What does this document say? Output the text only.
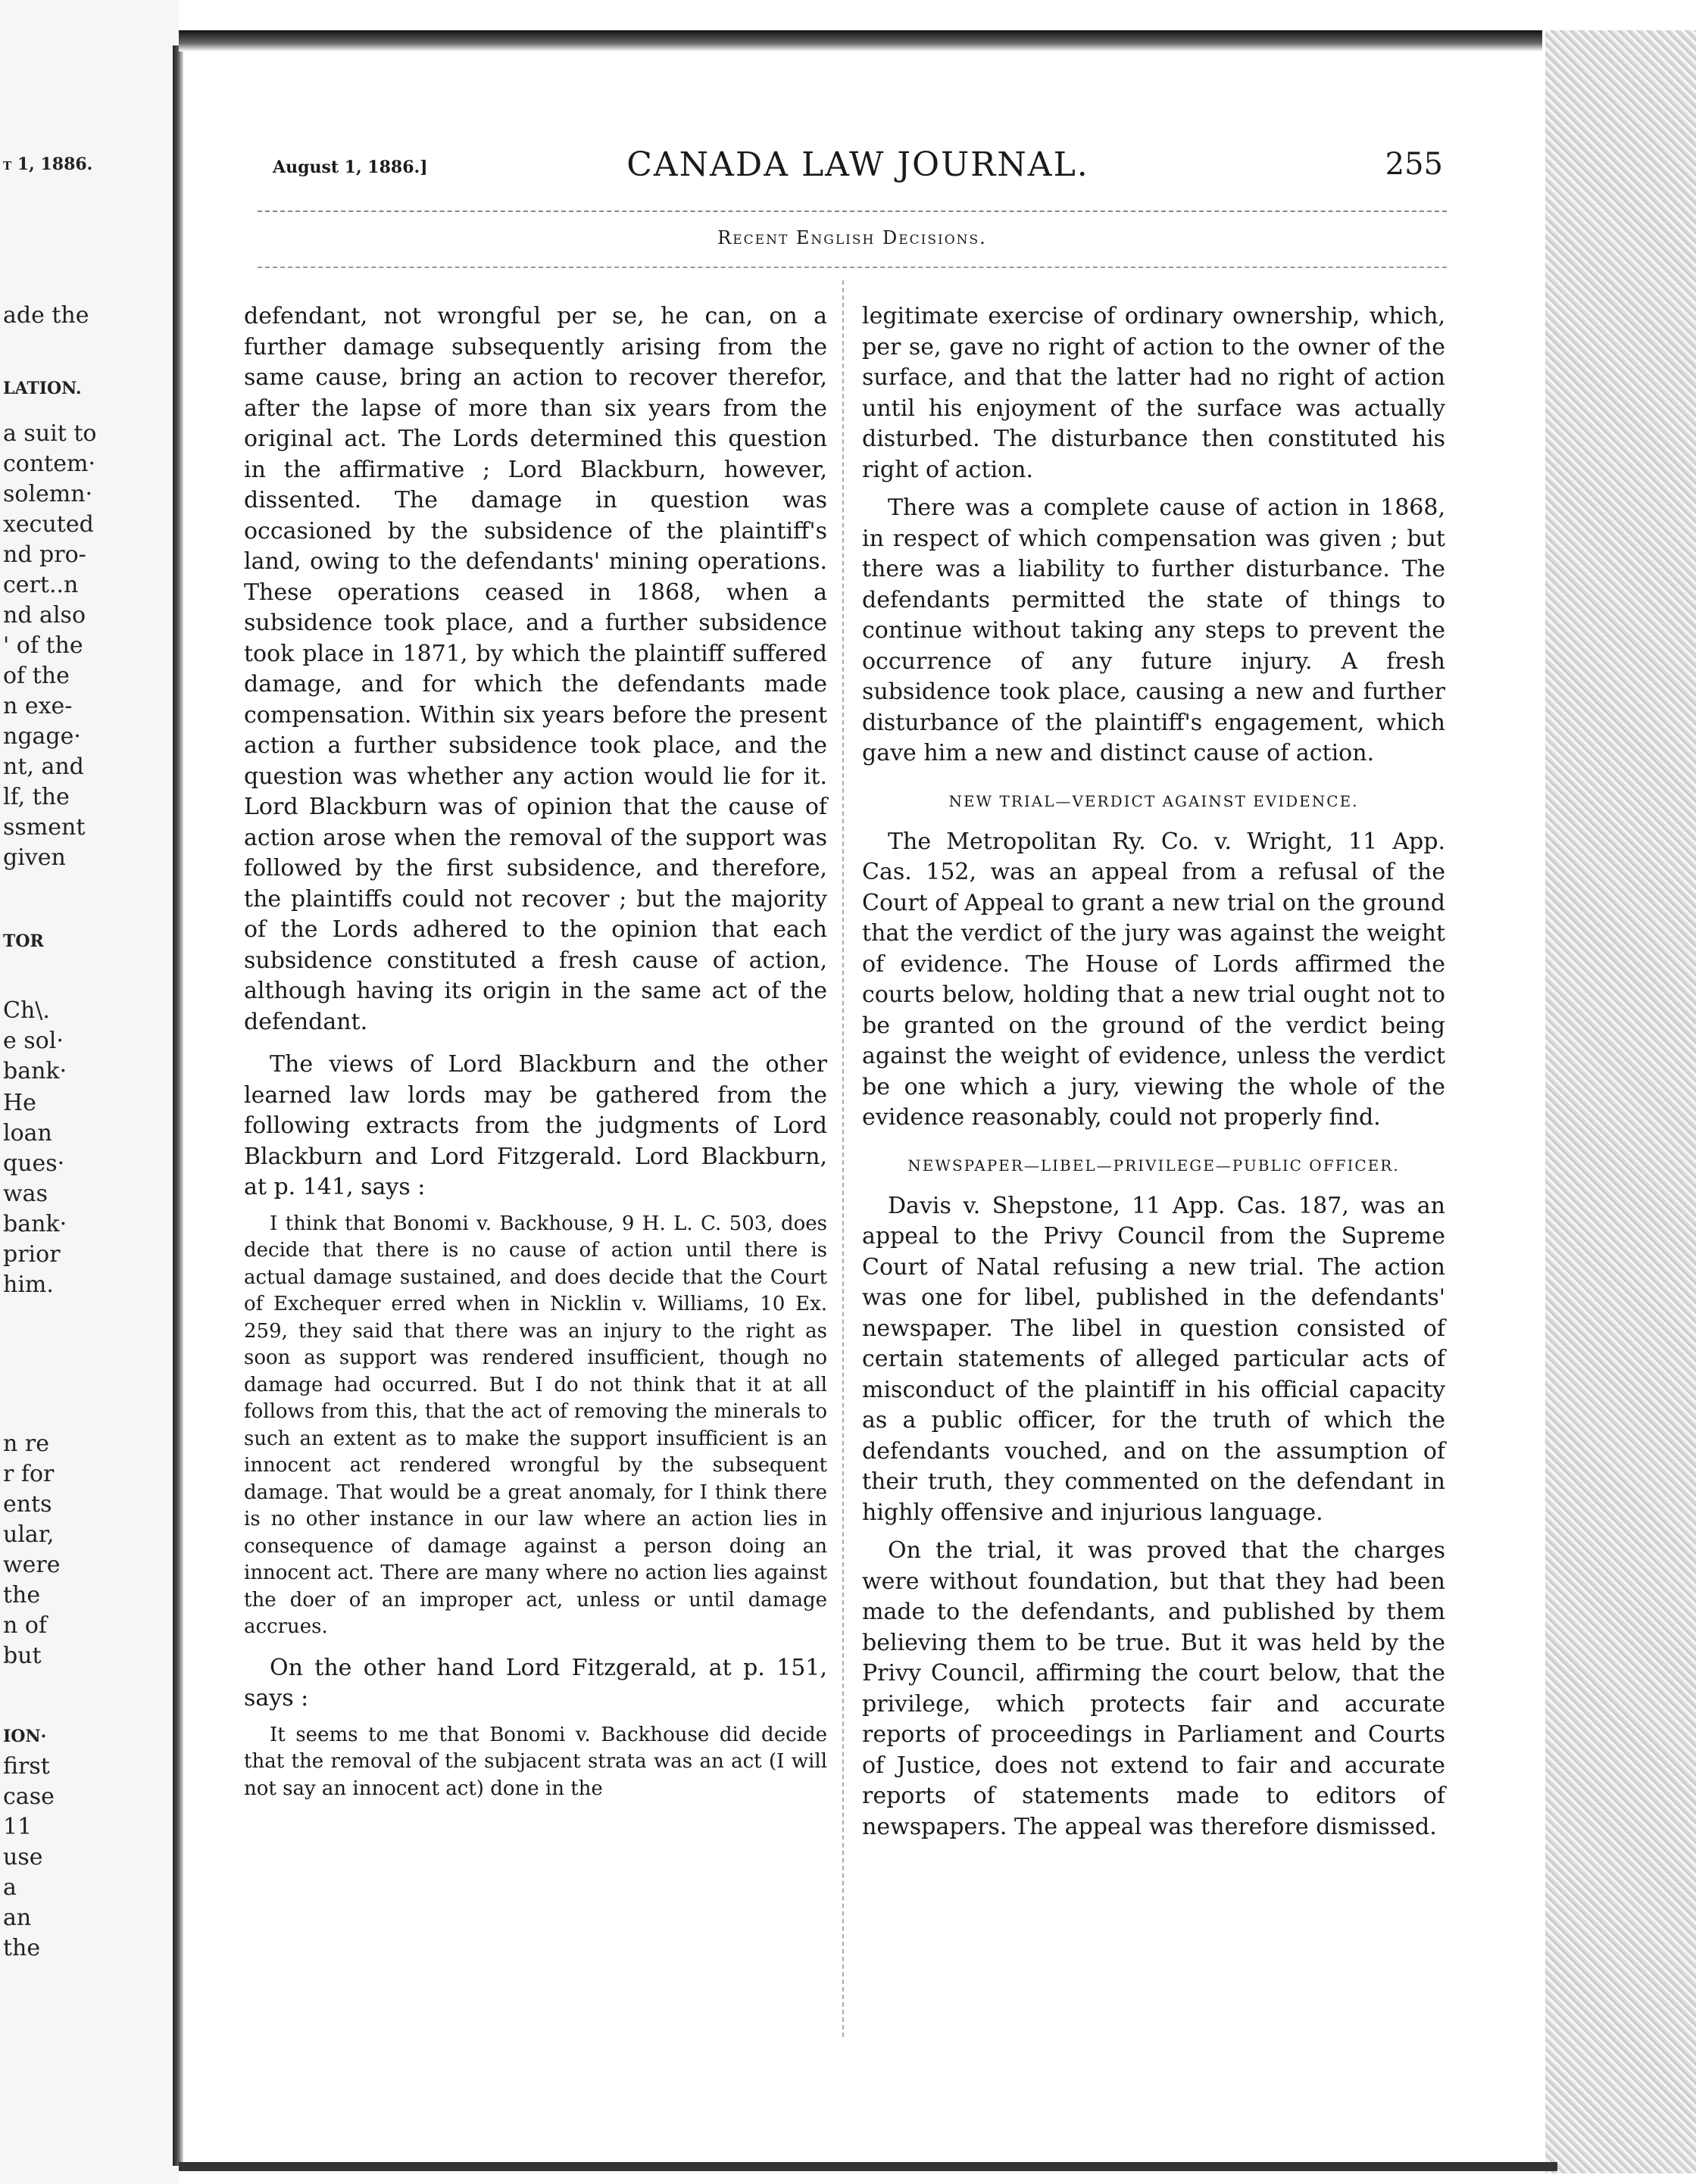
t 1, 1886.
ade the
LATION.
a suit to
contem·
solemn·
xecuted
nd pro-
cert..n
nd also
' of the
of the
n exe-
ngage·
nt, and
lf, the
ssment
given
TOR
Ch\.
e sol·
bank·
He
loan
ques·
was
bank·
prior
him.
n re
r for
ents
ular,
were
the
n of
but
ION·
first
case
11
use
a
an
the
August 1, 1886.]	CANADA LAW JOURNAL.	255
Recent English Decisions.

defendant, not wrongful per se, he can, on a further damage subsequently arising from the same cause, bring an action to recover therefor, after the lapse of more than six years from the original act. The Lords determined this question in the affirmative ; Lord Blackburn, however, dissented. The damage in question was occasioned by the subsidence of the plaintiff's land, owing to the defendants' mining operations. These operations ceased in 1868, when a subsidence took place, and a further subsidence took place in 1871, by which the plaintiff suffered damage, and for which the defendants made compensation. Within six years before the present action a further subsidence took place, and the question was whether any action would lie for it. Lord Blackburn was of opinion that the cause of action arose when the removal of the support was followed by the first subsidence, and therefore, the plaintiffs could not recover ; but the majority of the Lords adhered to the opinion that each subsidence constituted a fresh cause of action, although having its origin in the same act of the defendant.

The views of Lord Blackburn and the other learned law lords may be gathered from the following extracts from the judgments of Lord Blackburn and Lord Fitzgerald. Lord Blackburn, at p. 141, says :

I think that Bonomi v. Backhouse, 9 H. L. C. 503, does decide that there is no cause of action until there is actual damage sustained, and does decide that the Court of Exchequer erred when in Nicklin v. Williams, 10 Ex. 259, they said that there was an injury to the right as soon as support was rendered insufficient, though no damage had occurred. But I do not think that it at all follows from this, that the act of removing the minerals to such an extent as to make the support insufficient is an innocent act rendered wrongful by the subsequent damage. That would be a great anomaly, for I think there is no other instance in our law where an action lies in consequence of damage against a person doing an innocent act. There are many where no action lies against the doer of an improper act, unless or until damage accrues.

On the other hand Lord Fitzgerald, at p. 151, says :

It seems to me that Bonomi v. Backhouse did decide that the removal of the subjacent strata was an act (I will not say an innocent act) done in the

legitimate exercise of ordinary ownership, which, per se, gave no right of action to the owner of the surface, and that the latter had no right of action until his enjoyment of the surface was actually disturbed. The disturbance then constituted his right of action.

There was a complete cause of action in 1868, in respect of which compensation was given ; but there was a liability to further disturbance. The defendants permitted the state of things to continue without taking any steps to prevent the occurrence of any future injury. A fresh subsidence took place, causing a new and further disturbance of the plaintiff's engagement, which gave him a new and distinct cause of action.

NEW TRIAL—VERDICT AGAINST EVIDENCE.

The Metropolitan Ry. Co. v. Wright, 11 App. Cas. 152, was an appeal from a refusal of the Court of Appeal to grant a new trial on the ground that the verdict of the jury was against the weight of evidence. The House of Lords affirmed the courts below, holding that a new trial ought not to be granted on the ground of the verdict being against the weight of evidence, unless the verdict be one which a jury, viewing the whole of the evidence reasonably, could not properly find.

NEWSPAPER—LIBEL—PRIVILEGE—PUBLIC OFFICER.

Davis v. Shepstone, 11 App. Cas. 187, was an appeal to the Privy Council from the Supreme Court of Natal refusing a new trial. The action was one for libel, published in the defendants' newspaper. The libel in question consisted of certain statements of alleged particular acts of misconduct of the plaintiff in his official capacity as a public officer, for the truth of which the defendants vouched, and on the assumption of their truth, they commented on the defendant in highly offensive and injurious language.

On the trial, it was proved that the charges were without foundation, but that they had been made to the defendants, and published by them believing them to be true. But it was held by the Privy Council, affirming the court below, that the privilege, which protects fair and accurate reports of proceedings in Parliament and Courts of Justice, does not extend to fair and accurate reports of statements made to editors of newspapers. The appeal was therefore dismissed.
